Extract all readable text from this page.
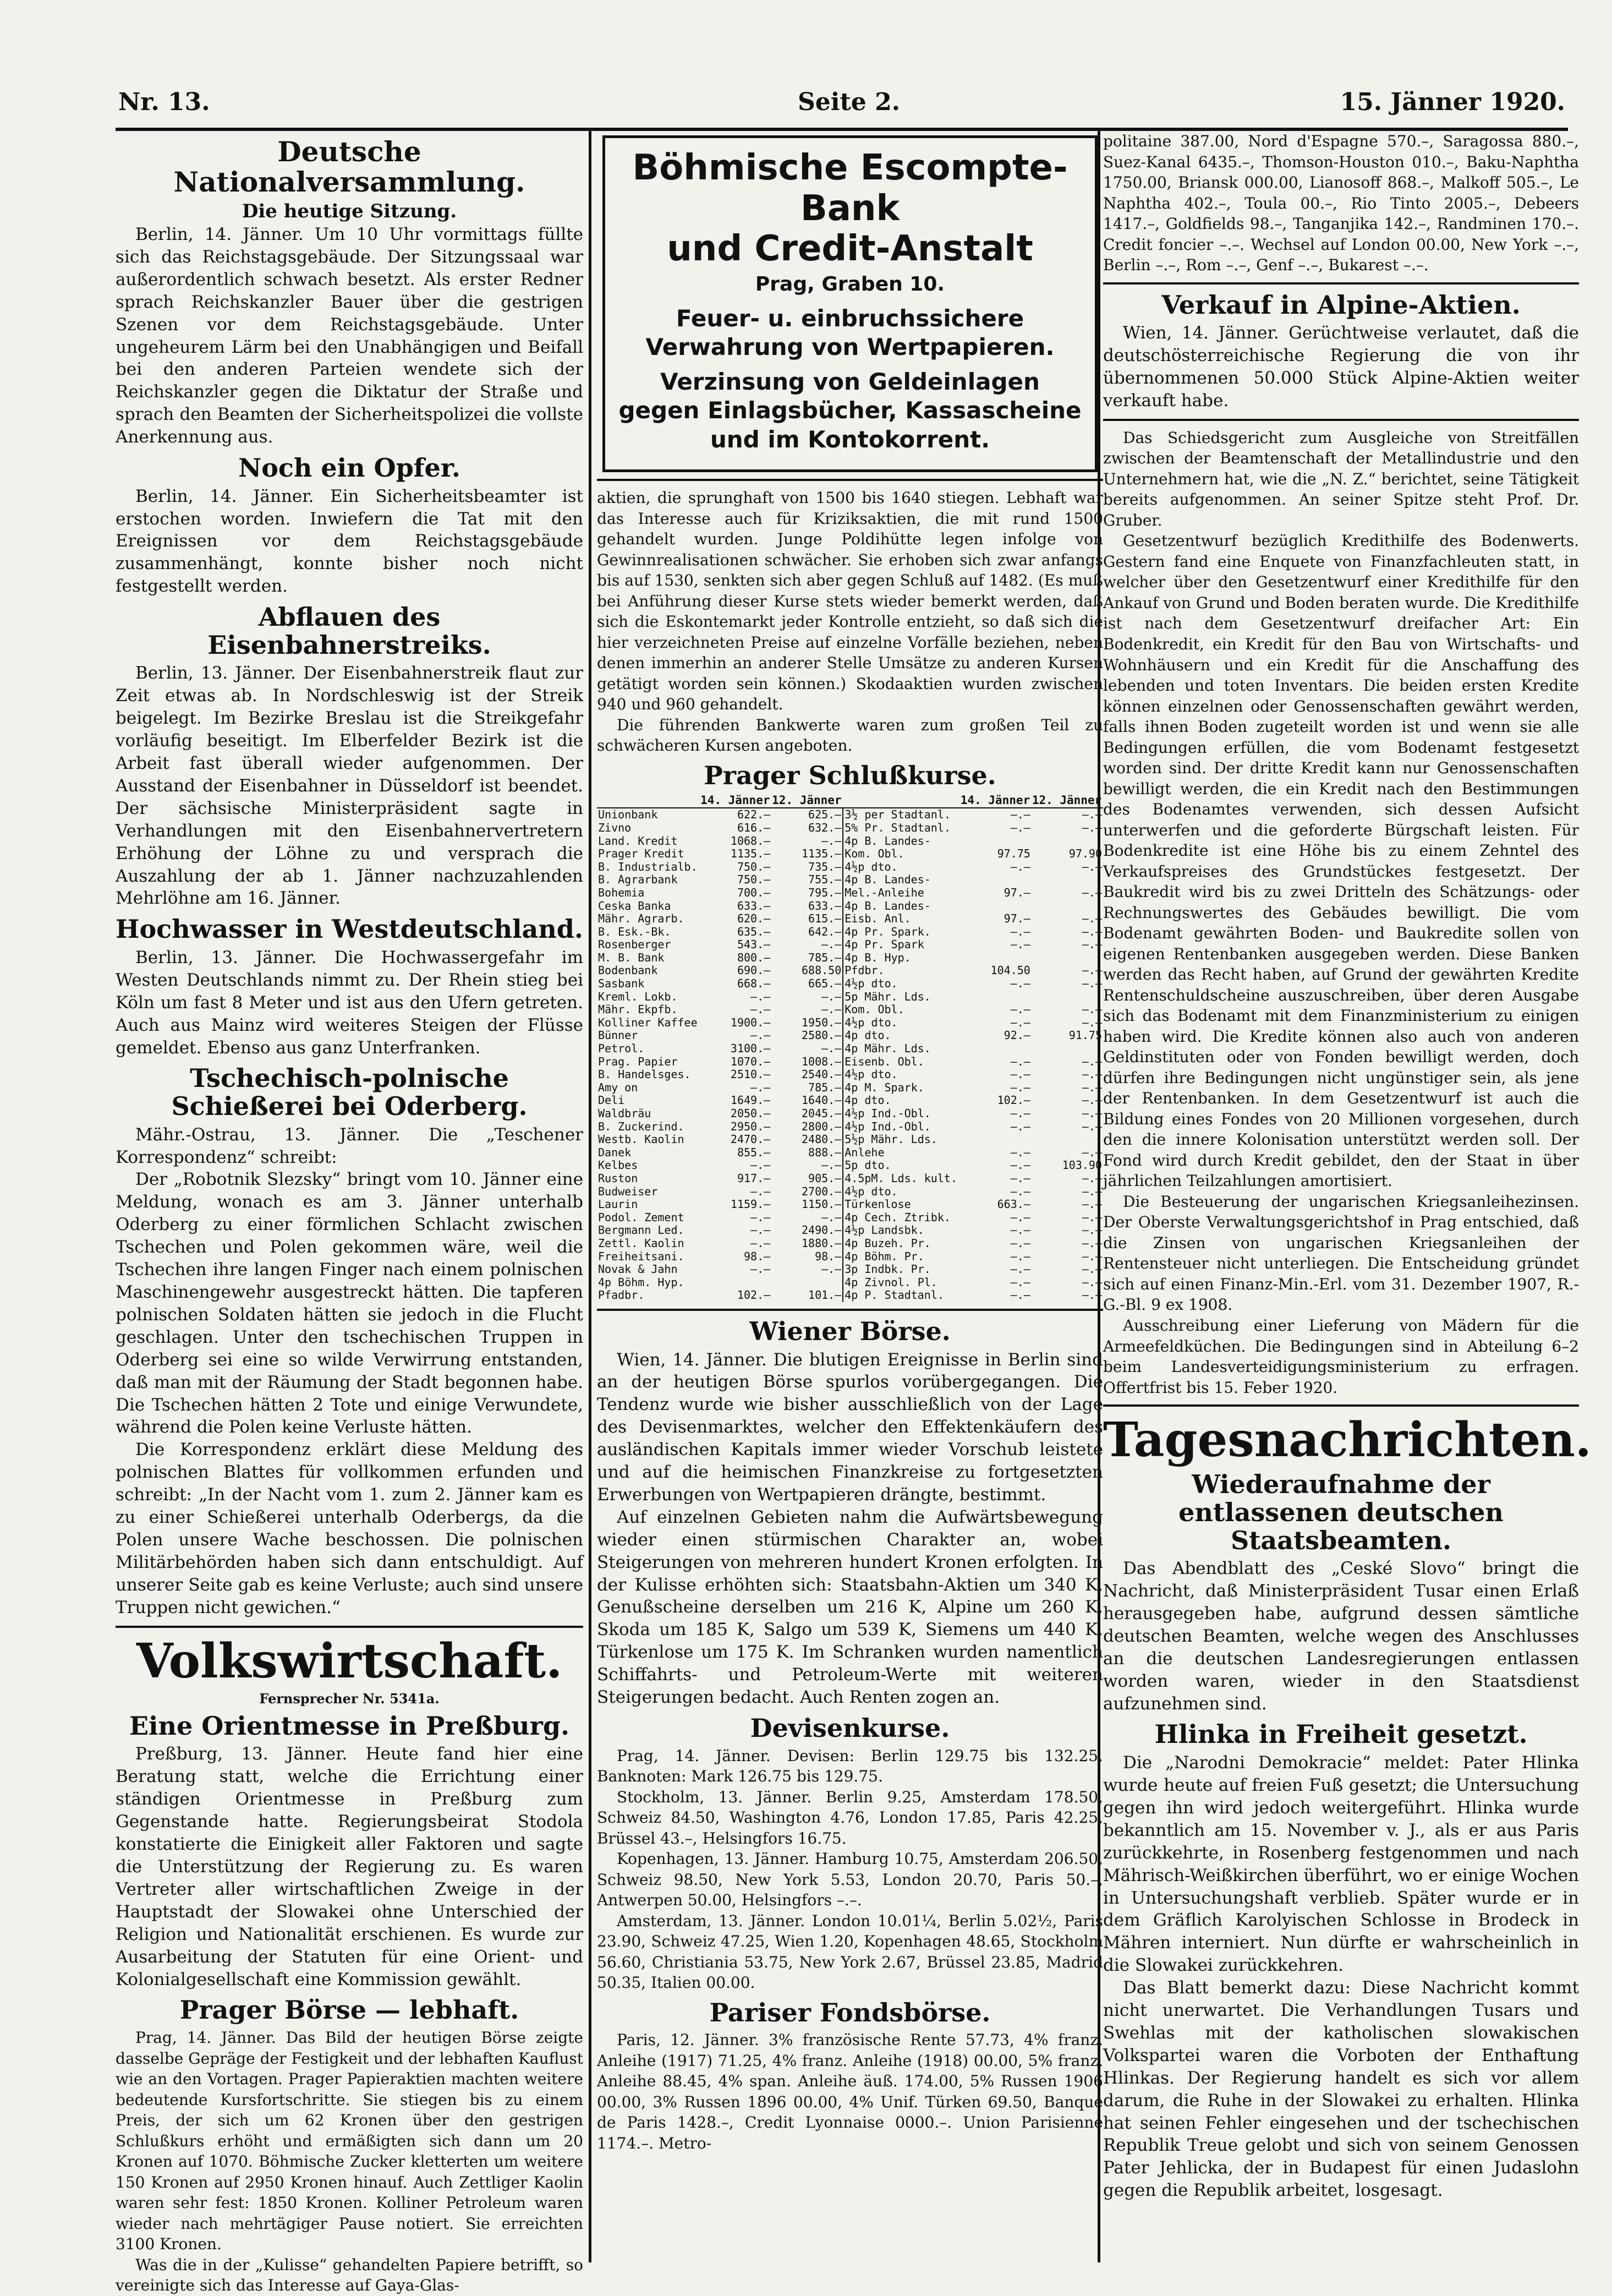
Nr. 13.	Seite 2.	15. Jänner 1920.
Deutsche Nationalversammlung.
Die heutige Sitzung.

Berlin, 14. Jänner. Um 10 Uhr vormittags füllte sich das Reichstagsgebäude. Der Sitzungssaal war außerordentlich schwach besetzt. Als erster Redner sprach Reichskanzler Bauer über die gestrigen Szenen vor dem Reichstagsgebäude. Unter ungeheurem Lärm bei den Unabhängigen und Beifall bei den anderen Parteien wendete sich der Reichskanzler gegen die Diktatur der Straße und sprach den Beamten der Sicherheitspolizei die vollste Anerkennung aus.

Noch ein Opfer.

Berlin, 14. Jänner. Ein Sicherheitsbeamter ist erstochen worden. Inwiefern die Tat mit den Ereignissen vor dem Reichstagsgebäude zusammenhängt, konnte bisher noch nicht festgestellt werden.

Abflauen des Eisenbahnerstreiks.

Berlin, 13. Jänner. Der Eisenbahnerstreik flaut zur Zeit etwas ab. In Nordschleswig ist der Streik beigelegt. Im Bezirke Breslau ist die Streikgefahr vorläufig beseitigt. Im Elberfelder Bezirk ist die Arbeit fast überall wieder aufgenommen. Der Ausstand der Eisenbahner in Düsseldorf ist beendet. Der sächsische Ministerpräsident sagte in Verhandlungen mit den Eisenbahnervertretern Erhöhung der Löhne zu und versprach die Auszahlung der ab 1. Jänner nachzuzahlenden Mehrlöhne am 16. Jänner.

Hochwasser in Westdeutschland.

Berlin, 13. Jänner. Die Hochwassergefahr im Westen Deutschlands nimmt zu. Der Rhein stieg bei Köln um fast 8 Meter und ist aus den Ufern getreten. Auch aus Mainz wird weiteres Steigen der Flüsse gemeldet. Ebenso aus ganz Unterfranken.

Tschechisch-polnische Schießerei bei Oderberg.

Mähr.-Ostrau, 13. Jänner. Die „Teschener Korrespondenz“ schreibt:

Der „Robotnik Slezsky“ bringt vom 10. Jänner eine Meldung, wonach es am 3. Jänner unterhalb Oderberg zu einer förmlichen Schlacht zwischen Tschechen und Polen gekommen wäre, weil die Tschechen ihre langen Finger nach einem polnischen Maschinengewehr ausgestreckt hätten. Die tapferen polnischen Soldaten hätten sie jedoch in die Flucht geschlagen. Unter den tschechischen Truppen in Oderberg sei eine so wilde Verwirrung entstanden, daß man mit der Räumung der Stadt begonnen habe. Die Tschechen hätten 2 Tote und einige Verwundete, während die Polen keine Verluste hätten.

Die Korrespondenz erklärt diese Meldung des polnischen Blattes für vollkommen erfunden und schreibt: „In der Nacht vom 1. zum 2. Jänner kam es zu einer Schießerei unterhalb Oderbergs, da die Polen unsere Wache beschossen. Die polnischen Militärbehörden haben sich dann entschuldigt. Auf unserer Seite gab es keine Verluste; auch sind unsere Truppen nicht gewichen.“

Volkswirtschaft.
Fernsprecher Nr. 5341a.
Eine Orientmesse in Preßburg.

Preßburg, 13. Jänner. Heute fand hier eine Beratung statt, welche die Errichtung einer ständigen Orientmesse in Preßburg zum Gegenstande hatte. Regierungsbeirat Stodola konstatierte die Einigkeit aller Faktoren und sagte die Unterstützung der Regierung zu. Es waren Vertreter aller wirtschaftlichen Zweige in der Hauptstadt der Slowakei ohne Unterschied der Religion und Nationalität erschienen. Es wurde zur Ausarbeitung der Statuten für eine Orient- und Kolonialgesellschaft eine Kommission gewählt.

Prager Börse — lebhaft.

Prag, 14. Jänner. Das Bild der heutigen Börse zeigte dasselbe Gepräge der Festigkeit und der lebhaften Kauflust wie an den Vortagen. Prager Papieraktien machten weitere bedeutende Kursfortschritte. Sie stiegen bis zu einem Preis, der sich um 62 Kronen über den gestrigen Schlußkurs erhöht und ermäßigten sich dann um 20 Kronen auf 1070. Böhmische Zucker kletterten um weitere 150 Kronen auf 2950 Kronen hinauf. Auch Zettliger Kaolin waren sehr fest: 1850 Kronen. Kolliner Petroleum waren wieder nach mehrtägiger Pause notiert. Sie erreichten 3100 Kronen.

Was die in der „Kulisse“ gehandelten Papiere betrifft, so vereinigte sich das Interesse auf Gaya-Glas-

Böhmische Escompte-Bank
und Credit-Anstalt
Prag, Graben 10.
Feuer- u. einbruchssichere Verwahrung von Wertpapieren.
Verzinsung von Geldeinlagen gegen Einlagsbücher, Kassascheine und im Kontokorrent.

aktien, die sprunghaft von 1500 bis 1640 stiegen. Lebhaft war das Interesse auch für Kriziksaktien, die mit rund 1500 gehandelt wurden. Junge Poldihütte legen infolge von Gewinnrealisationen schwächer. Sie erhoben sich zwar anfangs bis auf 1530, senkten sich aber gegen Schluß auf 1482. (Es muß bei Anführung dieser Kurse stets wieder bemerkt werden, daß sich die Eskontemarkt jeder Kontrolle entzieht, so daß sich die hier verzeichneten Preise auf einzelne Vorfälle beziehen, neben denen immerhin an anderer Stelle Umsätze zu anderen Kursen getätigt worden sein können.) Skodaaktien wurden zwischen 940 und 960 gehandelt.

Die führenden Bankwerte waren zum großen Teil zu schwächeren Kursen angeboten.

Prager Schlußkurse.
	14. Jänner	12. Jänner		14. Jänner	12. Jänner
Unionbank	622.–	625.–	3½ per Stadtanl.	–.–	–.–
Zivno	616.–	632.–	5% Pr. Stadtanl.	–.–	–.–
Land. Kredit	1068.–	–.–	4p B. Landes-		
Prager Kredit	1135.–	1135.–	Kom. Obl.	97.75	97.90
B. Industrialb.	750.–	735.–	4½p dto.	–.–	–.–
B. Agrarbank	750.–	755.–	4p B. Landes-		
Bohemia	700.–	795.–	Mel.-Anleihe	97.–	–.–
Ceska Banka	633.–	633.–	4p B. Landes-		
Mähr. Agrarb.	620.–	615.–	Eisb. Anl.	97.–	–.–
B. Esk.-Bk.	635.–	642.–	4p Pr. Spark.	–.–	–.–
Rosenberger	543.–	–.–	4p Pr. Spark	–.–	–.–
M. B. Bank	800.–	785.–	4p B. Hyp.		
Bodenbank	690.–	688.50	Pfdbr.	104.50	–.–
Sasbank	668.–	665.–	4½p dto.	–.–	–.–
Kreml. Lokb.	–.–	–.–	5p Mähr. Lds.		
Mähr. Ekpfb.	–.–	–.–	Kom. Obl.	–.–	–.–
Kolliner Kaffee	1900.–	1950.–	4½p dto.	–.–	–.–
Bünner	–.–	2580.–	4p dto.	92.–	91.75
Petrol.	3100.–	–.–	4p Mähr. Lds.		
Prag. Papier	1070.–	1008.–	Eisenb. Obl.	–.–	–.–
B. Handelsges.	2510.–	2540.–	4½p dto.	–.–	–.–
Amy on	–.–	785.–	4p M. Spark.	–.–	–.–
Deli	1649.–	1640.–	4p dto.	102.–	–.–
Waldbräu	2050.–	2045.–	4½p Ind.-Obl.	–.–	–.–
B. Zuckerind.	2950.–	2800.–	4½p Ind.-Obl.	–.–	–.–
Westb. Kaolin	2470.–	2480.–	5½p Mähr. Lds.		
Danek	855.–	888.–	Anlehe	–.–	–.–
Kelbes	–.–	–.–	5p dto.	–.–	103.90
Ruston	917.–	905.–	4.5pM. Lds. kult.	–.–	–.–
Budweiser	–.–	2700.–	4½p dto.	–.–	–.–
Laurin	1159.–	1150.–	Türkenlose	663.–	–.–
Podol. Zement	–.–	–.–	4p Cech. Ztribk.	–.–	–.–
Bergmann Led.	–.–	2490.–	4½p Landsbk.	–.–	–.–
Zettl. Kaolin	–.–	1880.–	4p Buzeh. Pr.	–.–	–.–
Freiheitsani.	98.–	98.–	4p Böhm. Pr.	–.–	–.–
Novak & Jahn	–.–	–.–	3p Indbk. Pr.	–.–	–.–
4p Böhm. Hyp.			4p Zivnol. Pl.	–.–	–.–
Pfadbr.	102.–	101.–	4p P. Stadtanl.	–.–	–.–
Wiener Börse.

Wien, 14. Jänner. Die blutigen Ereignisse in Berlin sind an der heutigen Börse spurlos vorübergegangen. Die Tendenz wurde wie bisher ausschließlich von der Lage des Devisenmarktes, welcher den Effektenkäufern des ausländischen Kapitals immer wieder Vorschub leistete und auf die heimischen Finanzkreise zu fortgesetzten Erwerbungen von Wertpapieren drängte, bestimmt.

Auf einzelnen Gebieten nahm die Aufwärtsbewegung wieder einen stürmischen Charakter an, wobei Steigerungen von mehreren hundert Kronen erfolgten. In der Kulisse erhöhten sich: Staatsbahn-Aktien um 340 K, Genußscheine derselben um 216 K, Alpine um 260 K, Skoda um 185 K, Salgo um 539 K, Siemens um 440 K, Türkenlose um 175 K. Im Schranken wurden namentlich Schiffahrts- und Petroleum-Werte mit weiteren Steigerungen bedacht. Auch Renten zogen an.

Devisenkurse.

Prag, 14. Jänner. Devisen: Berlin 129.75 bis 132.25. Banknoten: Mark 126.75 bis 129.75.

Stockholm, 13. Jänner. Berlin 9.25, Amsterdam 178.50, Schweiz 84.50, Washington 4.76, London 17.85, Paris 42.25, Brüssel 43.–, Helsingfors 16.75.

Kopenhagen, 13. Jänner. Hamburg 10.75, Amsterdam 206.50, Schweiz 98.50, New York 5.53, London 20.70, Paris 50.–, Antwerpen 50.00, Helsingfors –.–.

Amsterdam, 13. Jänner. London 10.01¼, Berlin 5.02½, Paris 23.90, Schweiz 47.25, Wien 1.20, Kopenhagen 48.65, Stockholm 56.60, Christiania 53.75, New York 2.67, Brüssel 23.85, Madrid 50.35, Italien 00.00.

Pariser Fondsbörse.

Paris, 12. Jänner. 3% französische Rente 57.73, 4% franz. Anleihe (1917) 71.25, 4% franz. Anleihe (1918) 00.00, 5% franz. Anleihe 88.45, 4% span. Anleihe äuß. 174.00, 5% Russen 1906 00.00, 3% Russen 1896 00.00, 4% Unif. Türken 69.50, Banque de Paris 1428.–, Credit Lyonnaise 0000.–. Union Parisienne 1174.–. Metro-

politaine 387.00, Nord d'Espagne 570.–, Saragossa 880.–, Suez-Kanal 6435.–, Thomson-Houston 010.–, Baku-Naphtha 1750.00, Briansk 000.00, Lianosoff 868.–, Malkoff 505.–, Le Naphtha 402.–, Toula 00.–, Rio Tinto 2005.–, Debeers 1417.–, Goldfields 98.–, Tanganjika 142.–, Randminen 170.–. Credit foncier –.–. Wechsel auf London 00.00, New York –.–, Berlin –.–, Rom –.–, Genf –.–, Bukarest –.–.

Verkauf in Alpine-Aktien.

Wien, 14. Jänner. Gerüchtweise verlautet, daß die deutschösterreichische Regierung die von ihr übernommenen 50.000 Stück Alpine-Aktien weiter verkauft habe.

Das Schiedsgericht zum Ausgleiche von Streitfällen zwischen der Beamtenschaft der Metallindustrie und den Unternehmern hat, wie die „N. Z.“ berichtet, seine Tätigkeit bereits aufgenommen. An seiner Spitze steht Prof. Dr. Gruber.

Gesetzentwurf bezüglich Kredithilfe des Bodenwerts. Gestern fand eine Enquete von Finanzfachleuten statt, in welcher über den Gesetzentwurf einer Kredithilfe für den Ankauf von Grund und Boden beraten wurde. Die Kredithilfe ist nach dem Gesetzentwurf dreifacher Art: Ein Bodenkredit, ein Kredit für den Bau von Wirtschafts- und Wohnhäusern und ein Kredit für die Anschaffung des lebenden und toten Inventars. Die beiden ersten Kredite können einzelnen oder Genossenschaften gewährt werden, falls ihnen Boden zugeteilt worden ist und wenn sie alle Bedingungen erfüllen, die vom Bodenamt festgesetzt worden sind. Der dritte Kredit kann nur Genossenschaften bewilligt werden, die ein Kredit nach den Bestimmungen des Bodenamtes verwenden, sich dessen Aufsicht unterwerfen und die geforderte Bürgschaft leisten. Für Bodenkredite ist eine Höhe bis zu einem Zehntel des Verkaufspreises des Grundstückes festgesetzt. Der Baukredit wird bis zu zwei Dritteln des Schätzungs- oder Rechnungswertes des Gebäudes bewilligt. Die vom Bodenamt gewährten Boden- und Baukredite sollen von eigenen Rentenbanken ausgegeben werden. Diese Banken werden das Recht haben, auf Grund der gewährten Kredite Rentenschuldscheine auszuschreiben, über deren Ausgabe sich das Bodenamt mit dem Finanzministerium zu einigen haben wird. Die Kredite können also auch von anderen Geldinstituten oder von Fonden bewilligt werden, doch dürfen ihre Bedingungen nicht ungünstiger sein, als jene der Rentenbanken. In dem Gesetzentwurf ist auch die Bildung eines Fondes von 20 Millionen vorgesehen, durch den die innere Kolonisation unterstützt werden soll. Der Fond wird durch Kredit gebildet, den der Staat in über jährlichen Teilzahlungen amortisiert.

Die Besteuerung der ungarischen Kriegsanleihezinsen. Der Oberste Verwaltungsgerichtshof in Prag entschied, daß die Zinsen von ungarischen Kriegsanleihen der Rentensteuer nicht unterliegen. Die Entscheidung gründet sich auf einen Finanz-Min.-Erl. vom 31. Dezember 1907, R.-G.-Bl. 9 ex 1908.

Ausschreibung einer Lieferung von Mädern für die Armeefeldküchen. Die Bedingungen sind in Abteilung 6–2 beim Landesverteidigungsministerium zu erfragen. Offertfrist bis 15. Feber 1920.

Tagesnachrichten.
Wiederaufnahme der entlassenen deutschen Staatsbeamten.

Das Abendblatt des „Ceské Slovo“ bringt die Nachricht, daß Ministerpräsident Tusar einen Erlaß herausgegeben habe, aufgrund dessen sämtliche deutschen Beamten, welche wegen des Anschlusses an die deutschen Landesregierungen entlassen worden waren, wieder in den Staatsdienst aufzunehmen sind.

Hlinka in Freiheit gesetzt.

Die „Narodni Demokracie“ meldet: Pater Hlinka wurde heute auf freien Fuß gesetzt; die Untersuchung gegen ihn wird jedoch weitergeführt. Hlinka wurde bekanntlich am 15. November v. J., als er aus Paris zurückkehrte, in Rosenberg festgenommen und nach Mährisch-Weißkirchen überführt, wo er einige Wochen in Untersuchungshaft verblieb. Später wurde er in dem Gräflich Karolyischen Schlosse in Brodeck in Mähren interniert. Nun dürfte er wahrscheinlich in die Slowakei zurückkehren.

Das Blatt bemerkt dazu: Diese Nachricht kommt nicht unerwartet. Die Verhandlungen Tusars und Swehlas mit der katholischen slowakischen Volkspartei waren die Vorboten der Enthaftung Hlinkas. Der Regierung handelt es sich vor allem darum, die Ruhe in der Slowakei zu erhalten. Hlinka hat seinen Fehler eingesehen und der tschechischen Republik Treue gelobt und sich von seinem Genossen Pater Jehlicka, der in Budapest für einen Judaslohn gegen die Republik arbeitet, losgesagt.
